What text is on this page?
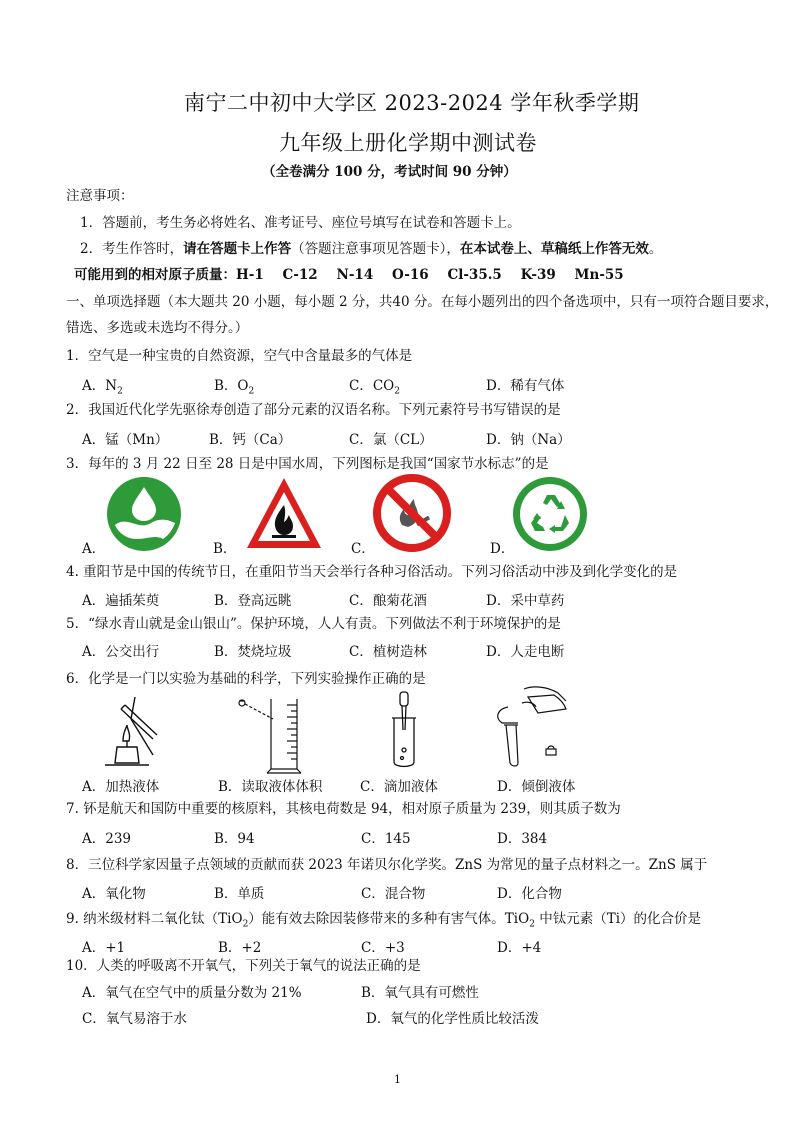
南宁二中初中大学区 2023-2024 学年秋季学期
九年级上册化学期中测试卷
（全卷满分 100 分，考试时间 90 分钟）
注意事项：
1．答题前，考生务必将姓名、准考证号、座位号填写在试卷和答题卡上。
2．考生作答时，请在答题卡上作答（答题注意事项见答题卡），在本试卷上、草稿纸上作答无效。
可能用到的相对原子质量：H-1    C-12    N-14    O-16    Cl-35.5    K-39    Mn-55
一、单项选择题（本大题共 20 小题，每小题 2 分，共40 分。在每小题列出的四个备选项中，只有一项符合题目要求，
错选、多选或未选均不得分。）
1．空气是一种宝贵的自然资源，空气中含量最多的气体是
A．$N_2$	B．$O_2$	C．$CO_2$	D．稀有气体
2．我国近代化学先驱徐寿创造了部分元素的汉语名称。下列元素符号书写错误的是
A．锰（Mn）	B．钙（Ca）	C．氯（CL）	D．钠（Na）
3．每年的 3 月 22 日至 28 日是中国水周，下列图标是我国“国家节水标志”的是
A．	B．	C．	D．
4. 重阳节是中国的传统节日，在重阳节当天会举行各种习俗活动。下列习俗活动中涉及到化学变化的是
A．遍插茱萸	B．登高远眺	C．酿菊花酒	D．采中草药
5．“绿水青山就是金山银山”。保护环境，人人有责。下列做法不利于环境保护的是
A．公交出行	B．焚烧垃圾	C．植树造林	D．人走电断
6．化学是一门以实验为基础的科学，下列实验操作正确的是
A．加热液体	B．读取液体体积	C．滴加液体	D．倾倒液体
7. 钚是航天和国防中重要的核原料，其核电荷数是 94，相对原子质量为 239，则其质子数为
A．239	B．94	C．145	D．384
8．三位科学家因量子点领域的贡献而获 2023 年诺贝尔化学奖。ZnS 为常见的量子点材料之一。ZnS 属于
A．氧化物	B．单质	C．混合物	D．化合物
9. 纳米级材料二氧化钛（TiO$_2$）能有效去除因装修带来的多种有害气体。TiO$_2$ 中钛元素（Ti）的化合价是
A．+1	B．+2	C．+3	D．+4
10．人类的呼吸离不开氧气，下列关于氧气的说法正确的是
A．氧气在空气中的质量分数为 21%	B．氧气具有可燃性
C．氧气易溶于水	D．氧气的化学性质比较活泼
1
